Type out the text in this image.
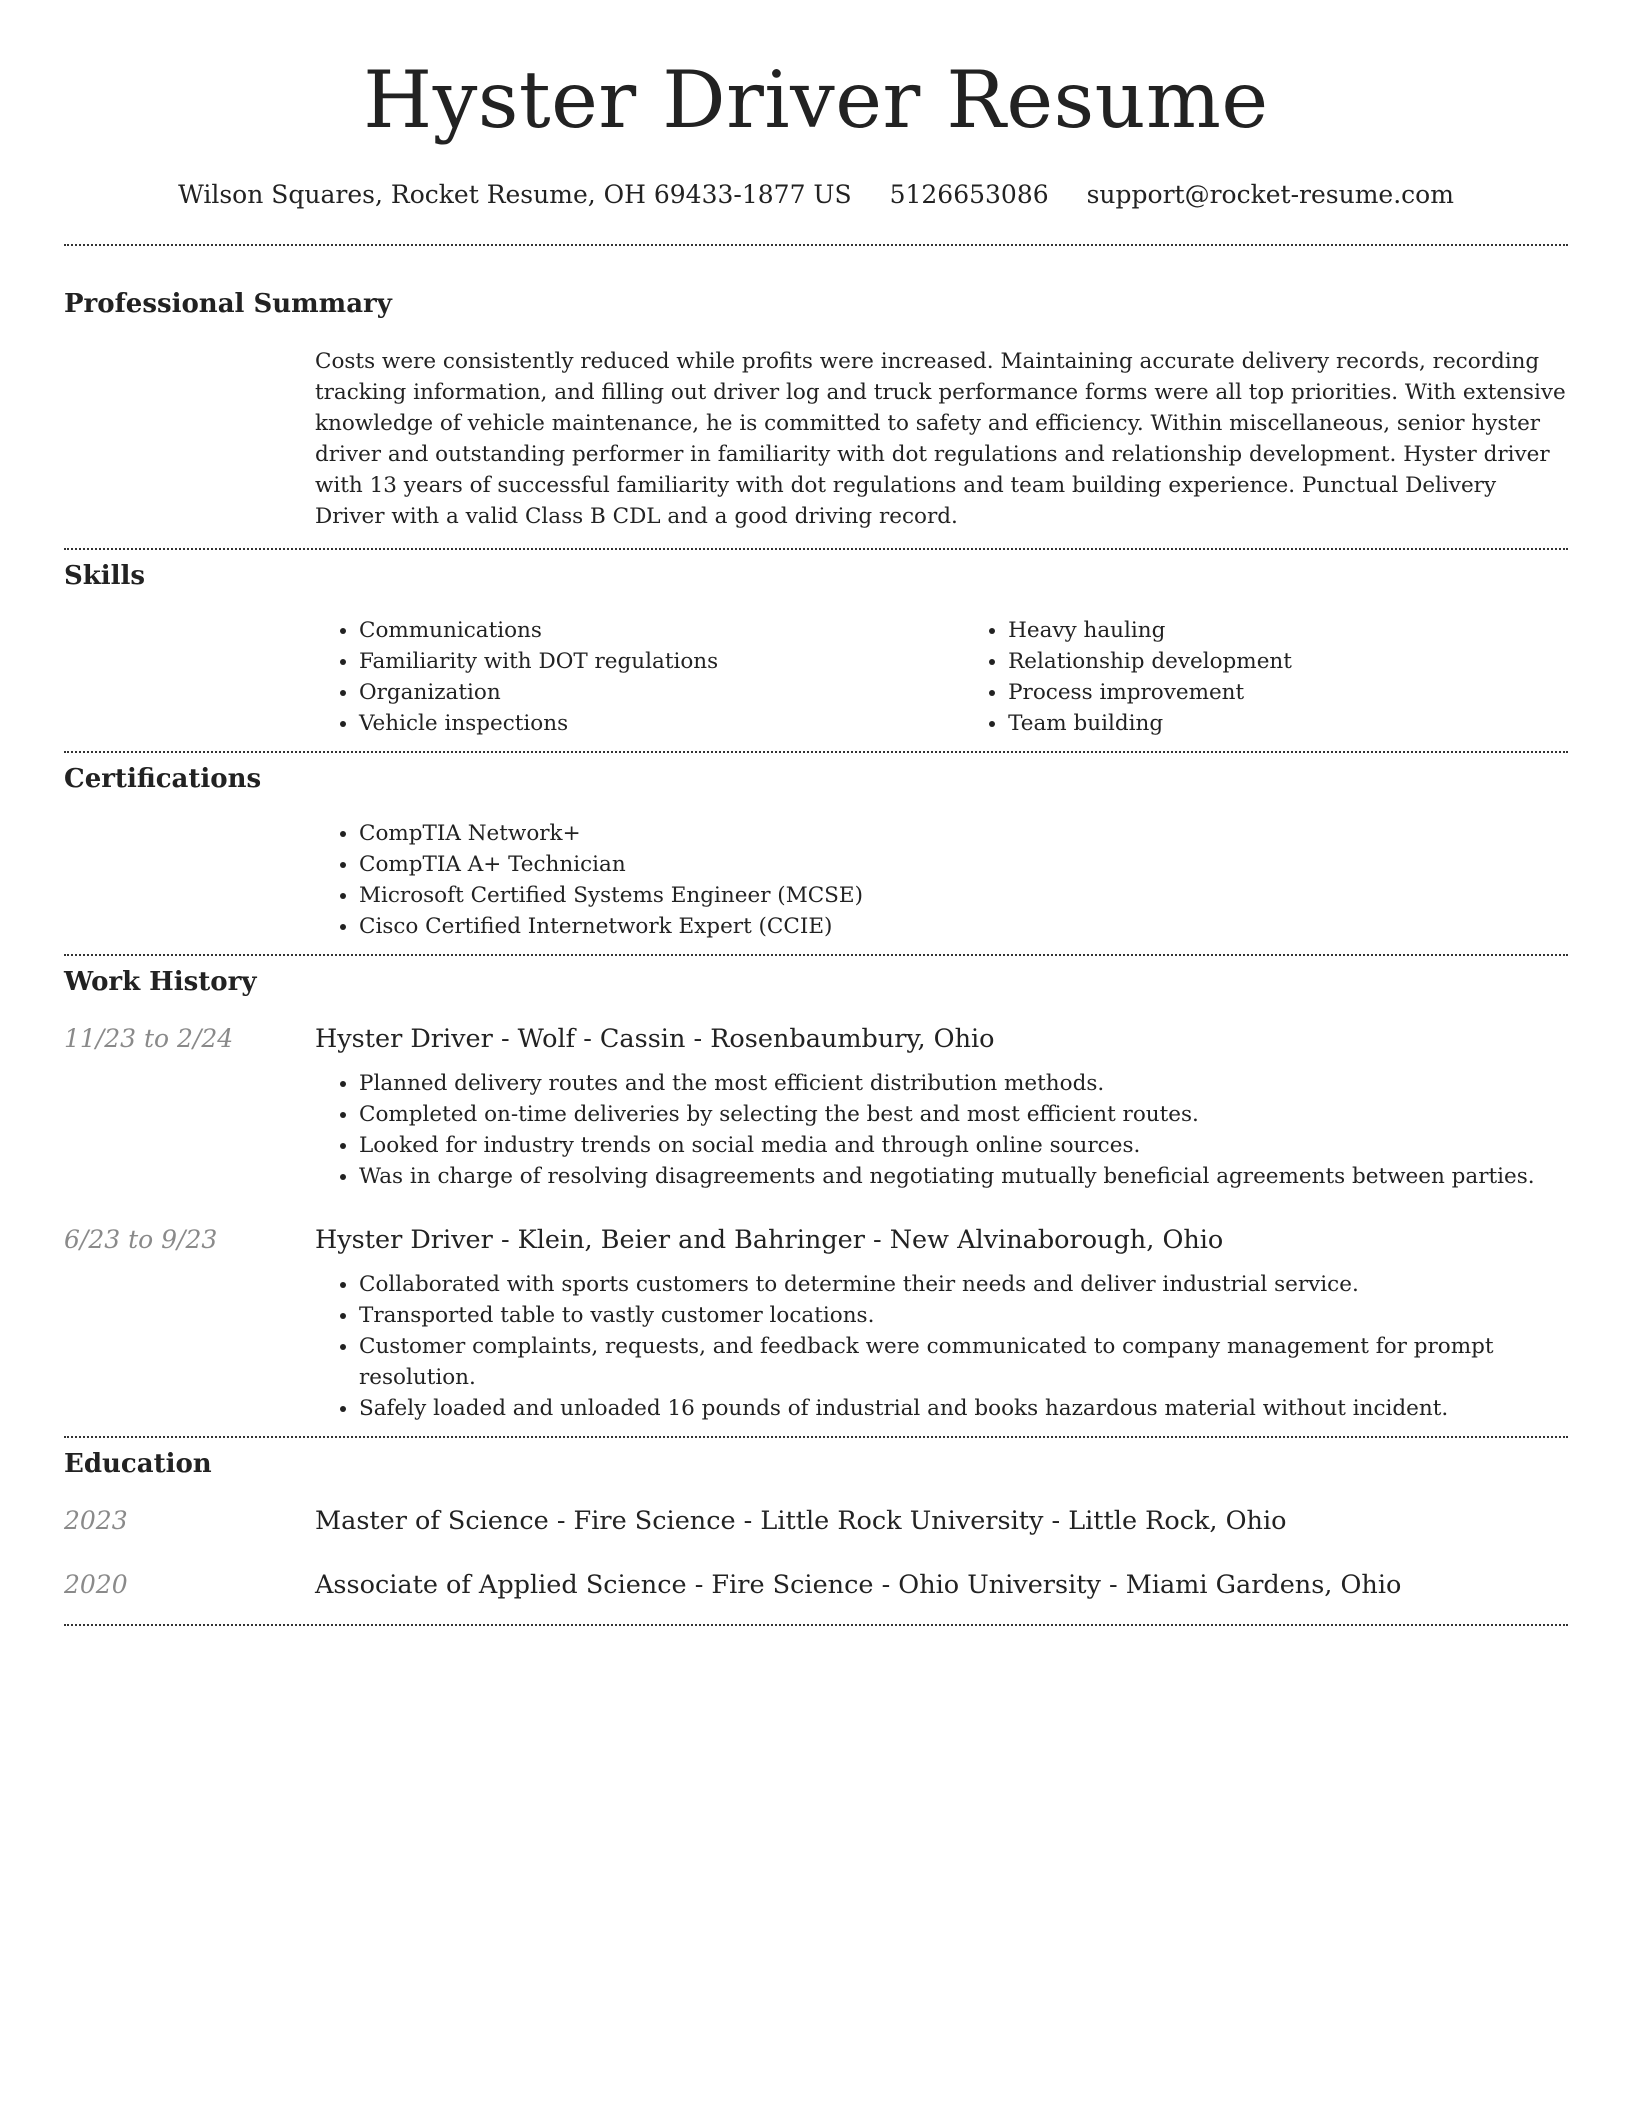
Hyster Driver Resume
Wilson Squares, Rocket Resume, OH 69433-1877 US 5126653086 support@rocket-resume.com
Professional Summary
Costs were consistently reduced while profits were increased. Maintaining accurate delivery records, recording tracking information, and filling out driver log and truck performance forms were all top priorities. With extensive knowledge of vehicle maintenance, he is committed to safety and efficiency. Within miscellaneous, senior hyster driver and outstanding performer in familiarity with dot regulations and relationship development. Hyster driver with 13 years of successful familiarity with dot regulations and team building experience. Punctual Delivery Driver with a valid Class B CDL and a good driving record.
Skills
• Communications
• Familiarity with DOT regulations
• Organization
• Vehicle inspections
• Heavy hauling
• Relationship development
• Process improvement
• Team building
Certifications
• CompTIA Network+
• CompTIA A+ Technician
• Microsoft Certified Systems Engineer (MCSE)
• Cisco Certified Internetwork Expert (CCIE)
Work History
11/23 to 2/24	Hyster Driver - Wolf - Cassin - Rosenbaumbury, Ohio
• Planned delivery routes and the most efficient distribution methods.
• Completed on-time deliveries by selecting the best and most efficient routes.
• Looked for industry trends on social media and through online sources.
• Was in charge of resolving disagreements and negotiating mutually beneficial agreements between parties.
6/23 to 9/23	Hyster Driver - Klein, Beier and Bahringer - New Alvinaborough, Ohio
• Collaborated with sports customers to determine their needs and deliver industrial service.
• Transported table to vastly customer locations.
• Customer complaints, requests, and feedback were communicated to company management for prompt resolution.
• Safely loaded and unloaded 16 pounds of industrial and books hazardous material without incident.
Education
2023	Master of Science - Fire Science - Little Rock University - Little Rock, Ohio
2020	Associate of Applied Science - Fire Science - Ohio University - Miami Gardens, Ohio
